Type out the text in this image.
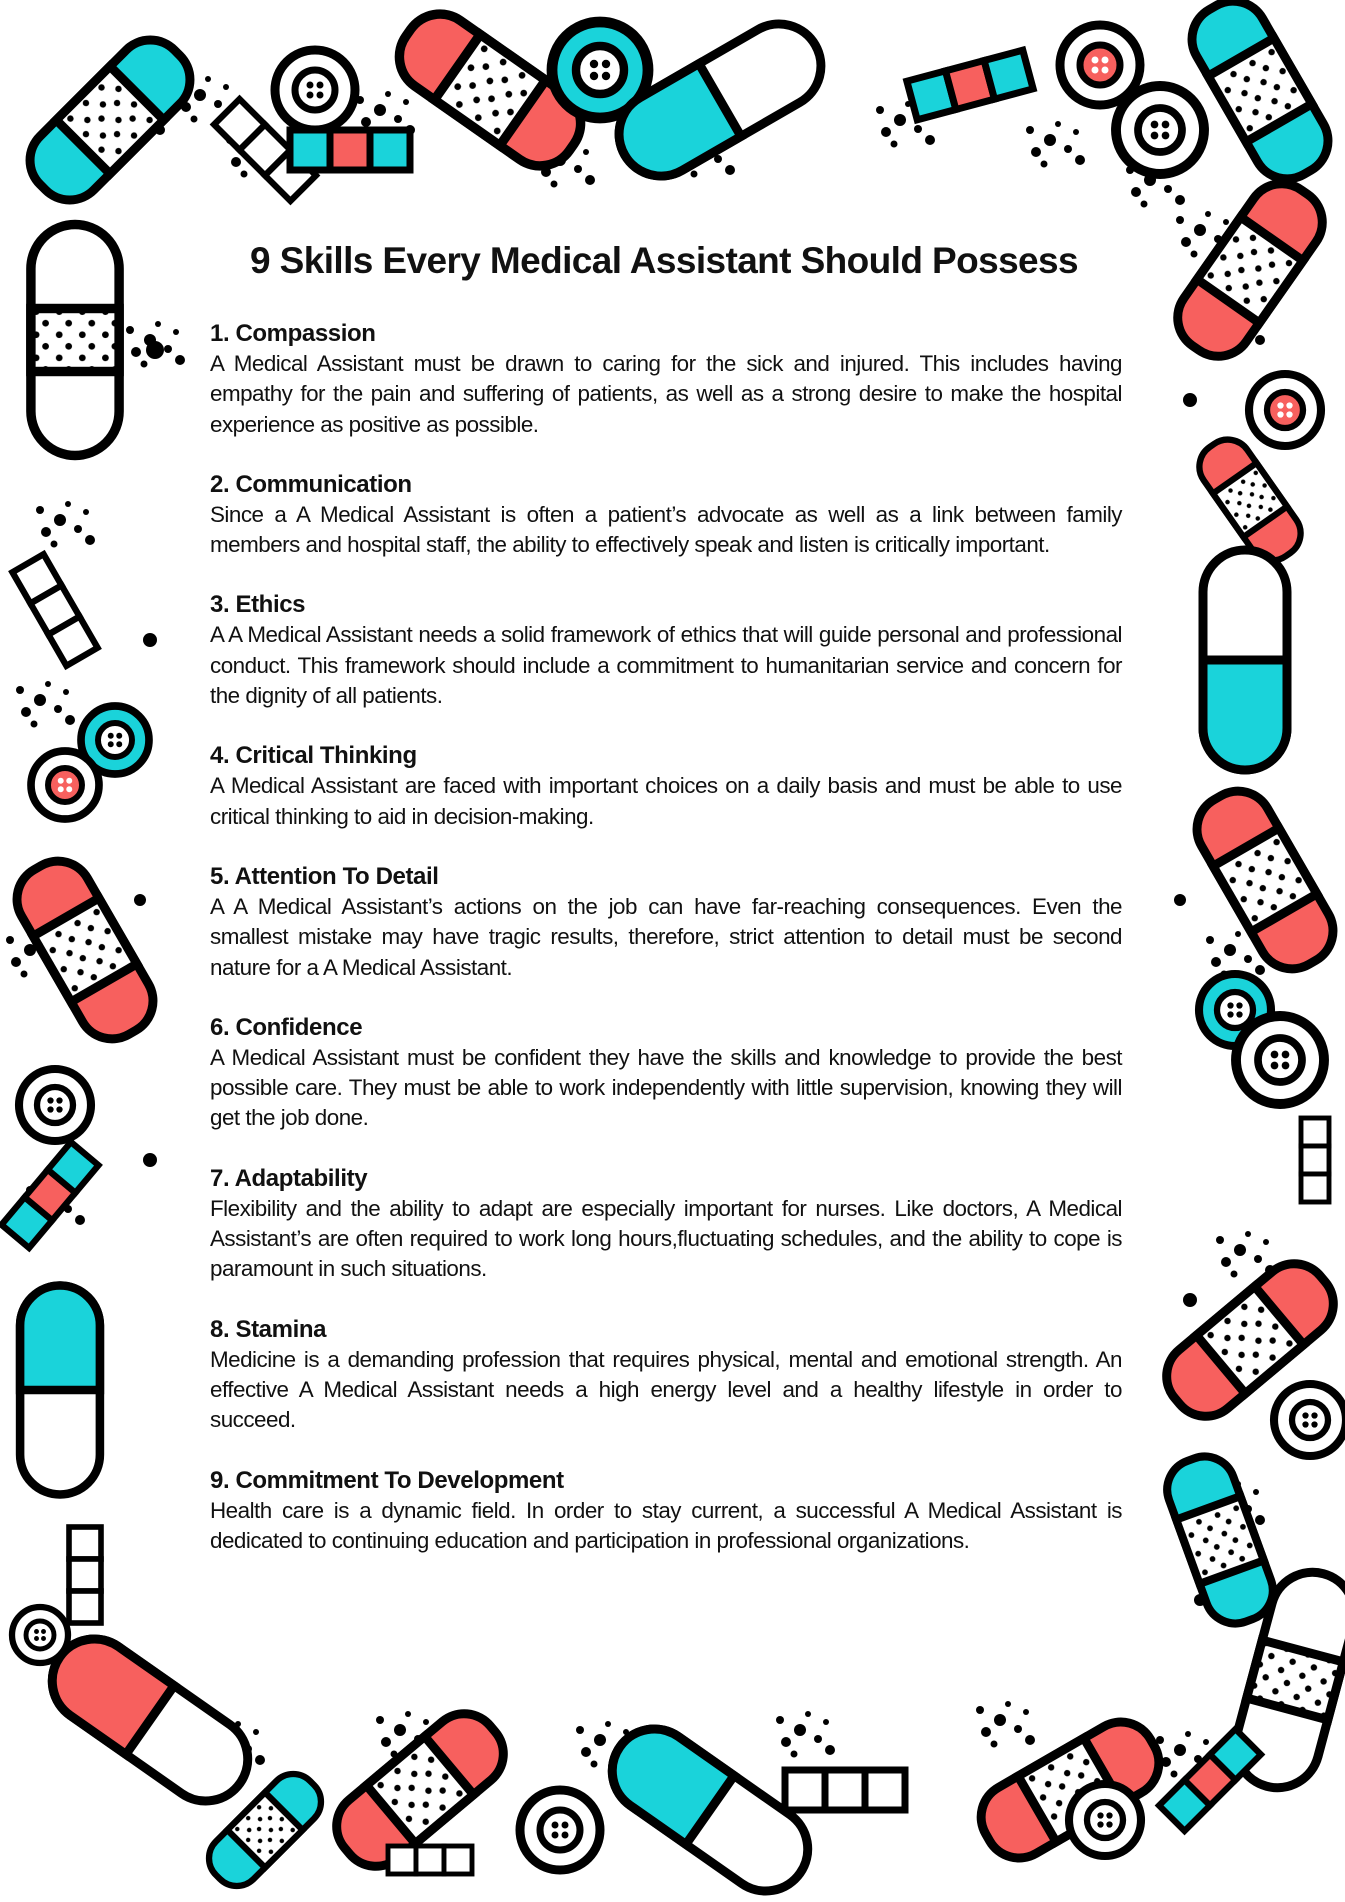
9 Skills Every Medical Assistant Should Possess
1. Compassion

A Medical Assistant must be drawn to caring for the sick and injured. This includes having empathy for the pain and suffering of patients, as well as a strong desire to make the hospital experience as positive as possible.

2. Communication

Since a A Medical Assistant is often a patient’s advocate as well as a link between family members and hospital staff, the ability to effectively speak and listen is critically important.

3. Ethics

A A Medical Assistant needs a solid framework of ethics that will guide personal and professional conduct. This framework should include a commitment to humanitarian service and concern for the dignity of all patients.

4. Critical Thinking

A Medical Assistant are faced with important choices on a daily basis and must be able to use critical thinking to aid in decision-making.

5. Attention To Detail

A A Medical Assistant’s actions on the job can have far-reaching consequences. Even the smallest mistake may have tragic results, therefore, strict attention to detail must be second nature for a A Medical Assistant.

6. Confidence

A Medical Assistant must be confident they have the skills and knowledge to provide the best possible care. They must be able to work independently with little supervision, knowing they will get the job done.

7. Adaptability

Flexibility and the ability to adapt are especially important for nurses. Like doctors, A Medical Assistant’s are often required to work long hours,fluctuating schedules, and the ability to cope is paramount in such situations.

8. Stamina

Medicine is a demanding profession that requires physical, mental and emotional strength. An effective A Medical Assistant needs a high energy level and a healthy lifestyle in order to succeed.

9. Commitment To Development

Health care is a dynamic field. In order to stay current, a successful A Medical Assistant is dedicated to continuing education and participation in professional organizations.
